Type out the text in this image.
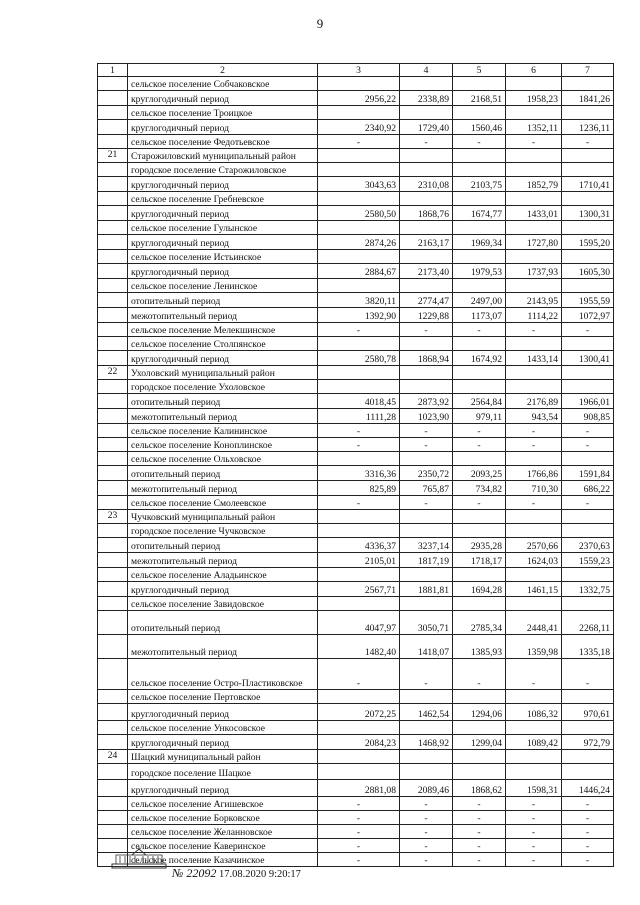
9
1	2	3	4	5	6	7
	сельское поселение Собчаковское					
	круглогодичный период	2956,22	2338,89	2168,51	1958,23	1841,26
	сельское поселение Троицкое					
	круглогодичный период	2340,92	1729,40	1560,46	1352,11	1236,11
	сельское поселение Федотьевское	-	-	-	-	-
21	Старожиловский муниципальный район					
	городское поселение Старожиловское					
	круглогодичный период	3043,63	2310,08	2103,75	1852,79	1710,41
	сельское поселение Гребневское					
	круглогодичный период	2580,50	1868,76	1674,77	1433,01	1300,31
	сельское поселение Гулынское					
	круглогодичный период	2874,26	2163,17	1969,34	1727,80	1595,20
	сельское поселение Истьинское					
	круглогодичный период	2884,67	2173,40	1979,53	1737,93	1605,30
	сельское поселение Ленинское					
	отопительный период	3820,11	2774,47	2497,00	2143,95	1955,59
	межотопительный период	1392,90	1229,88	1173,07	1114,22	1072,97
	сельское поселение Мелекшинское	-	-	-	-	-
	сельское поселение Столпянское					
	круглогодичный период	2580,78	1868,94	1674,92	1433,14	1300,41
22	Ухоловский муниципальный район					
	городское поселение Ухоловское					
	отопительный период	4018,45	2873,92	2564,84	2176,89	1966,01
	межотопительный период	1111,28	1023,90	979,11	943,54	908,85
	сельское поселение Калининское	-	-	-	-	-
	сельское поселение Коноплинское	-	-	-	-	-
	сельское поселение Ольховское					
	отопительный период	3316,36	2350,72	2093,25	1766,86	1591,84
	межотопительный период	825,89	765,87	734,82	710,30	686,22
	сельское поселение Смолеевское	-	-	-	-	-
23	Чучковский муниципальный район					
	городское поселение Чучковское					
	отопительный период	4336,37	3237,14	2935,28	2570,66	2370,63
	межотопительный период	2105,01	1817,19	1718,17	1624,03	1559,23
	сельское поселение Аладьинское					
	круглогодичный период	2567,71	1881,81	1694,28	1461,15	1332,75
	сельское поселение Завидовское					
	отопительный период	4047,97	3050,71	2785,34	2448,41	2268,11
	межотопительный период	1482,40	1418,07	1385,93	1359,98	1335,18
	сельское поселение Остро-Пластиковское	-	-	-	-	-
	сельское поселение Пертовское					
	круглогодичный период	2072,25	1462,54	1294,06	1086,32	970,61
	сельское поселение Ункосовское					
	круглогодичный период	2084,23	1468,92	1299,04	1089,42	972,79
24	Шацкий муниципальный район					
	городское поселение Шацкое					
	круглогодичный период	2881,08	2089,46	1868,62	1598,31	1446,24
	сельское поселение Агишевское	-	-	-	-	-
	сельское поселение Борковское	-	-	-	-	-
	сельское поселение Желанновское	-	-	-	-	-
	сельское поселение Каверинское	-	-	-	-	-
	сельское поселение Казачинское	-	-	-	-	-
№ 22092 17.08.2020 9:20:17
